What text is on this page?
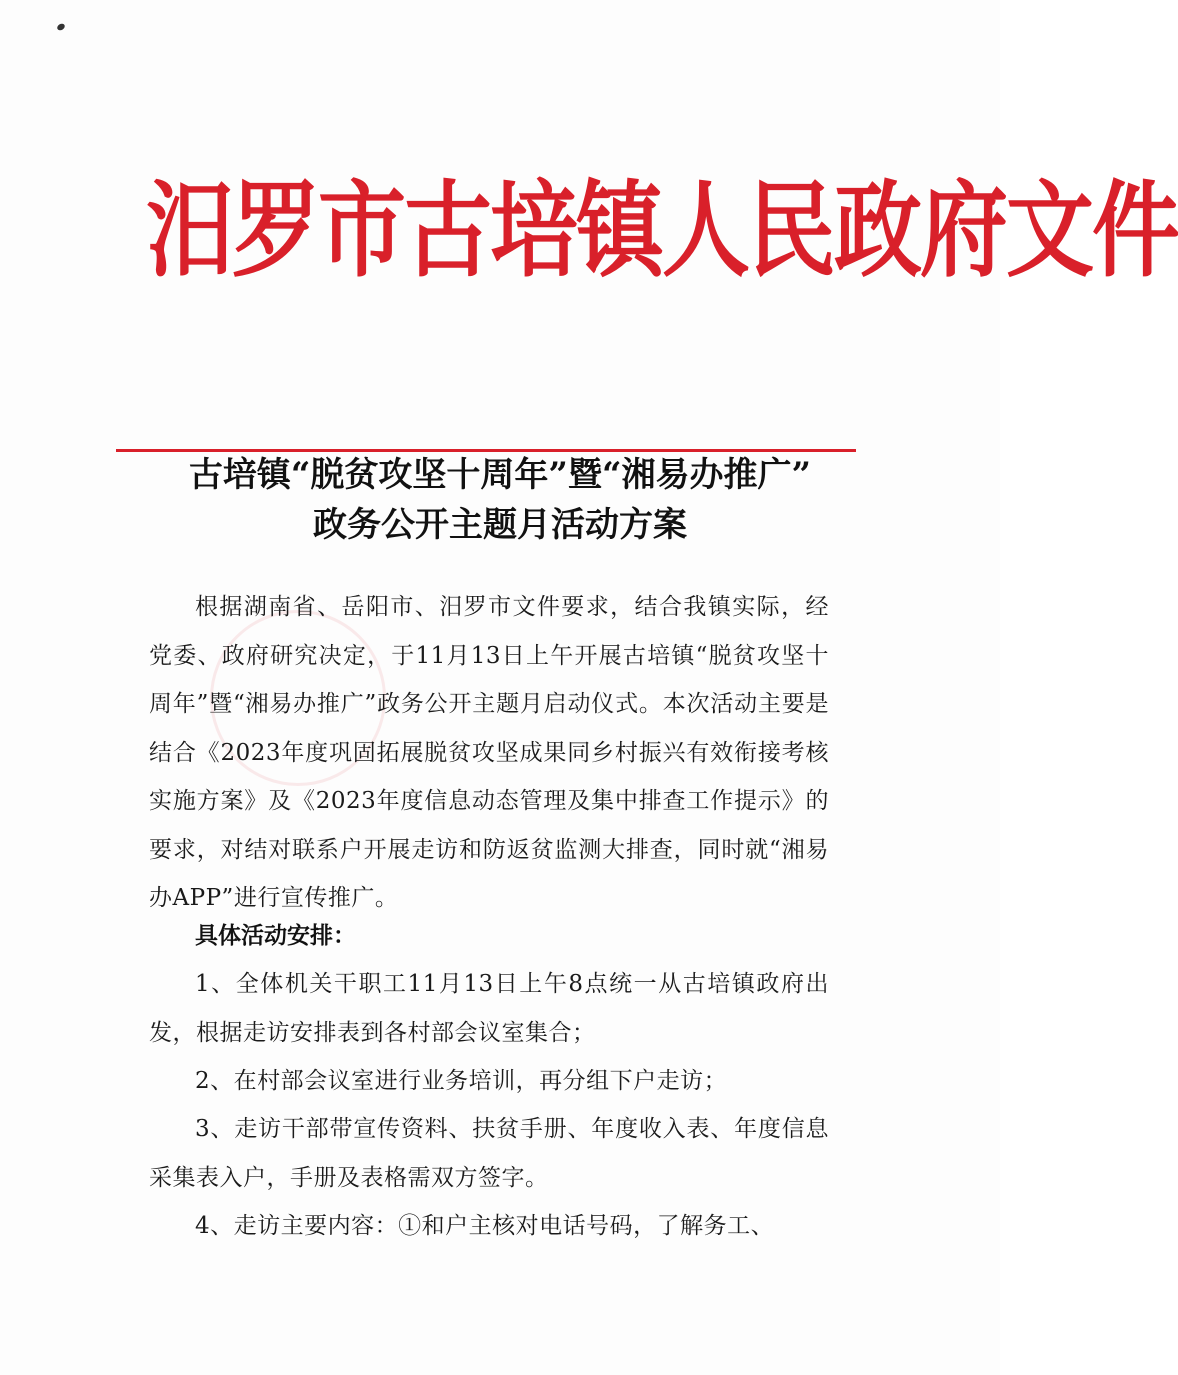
汨罗市古培镇人民政府文件
古培镇“脱贫攻坚十周年”暨“湘易办推广”
政务公开主题月活动方案

根据湖南省、岳阳市、汨罗市文件要求，结合我镇实际，经党委、政府研究决定，于11月13日上午开展古培镇“脱贫攻坚十周年”暨“湘易办推广”政务公开主题月启动仪式。本次活动主要是结合《2023年度巩固拓展脱贫攻坚成果同乡村振兴有效衔接考核实施方案》及《2023年度信息动态管理及集中排查工作提示》的要求，对结对联系户开展走访和防返贫监测大排查，同时就“湘易办APP”进行宣传推广。

具体活动安排：

1、全体机关干职工11月13日上午8点统一从古培镇政府出发，根据走访安排表到各村部会议室集合；

2、在村部会议室进行业务培训，再分组下户走访；

3、走访干部带宣传资料、扶贫手册、年度收入表、年度信息采集表入户，手册及表格需双方签字。

4、走访主要内容：①和户主核对电话号码，了解务工、
